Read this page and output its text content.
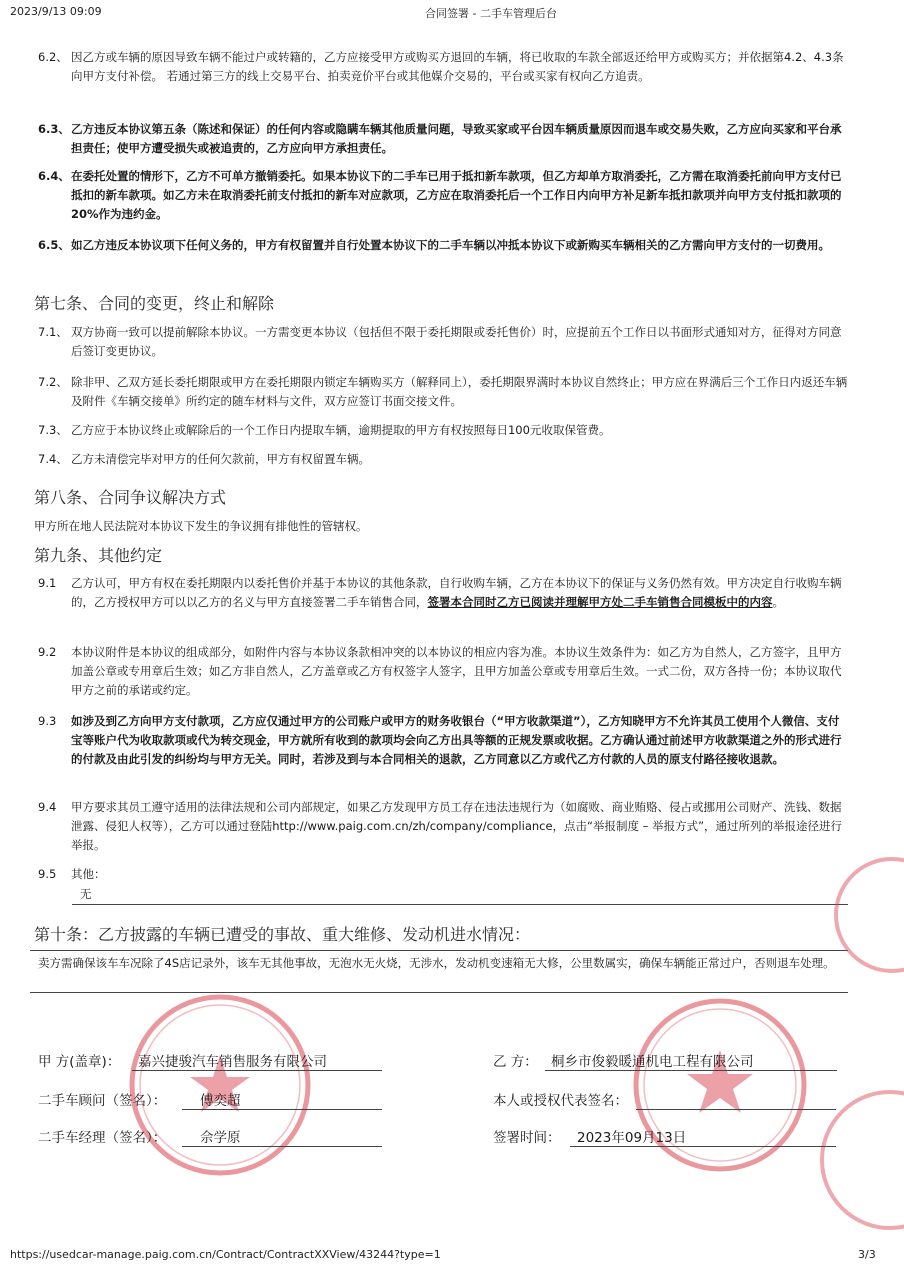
2023/9/13 09:09	合同签署 - 二手车管理后台
6.2、 因乙方或车辆的原因导致车辆不能过户或转籍的，乙方应接受甲方或购买方退回的车辆，将已收取的车款全部返还给甲方或购买方；并依据第4.2、4.3条向甲方支付补偿。 若通过第三方的线上交易平台、拍卖竞价平台或其他媒介交易的，平台或买家有权向乙方追责。
6.3、 乙方违反本协议第五条（陈述和保证）的任何内容或隐瞒车辆其他质量问题，导致买家或平台因车辆质量原因而退车或交易失败，乙方应向买家和平台承担责任；使甲方遭受损失或被追责的，乙方应向甲方承担责任。
6.4、 在委托处置的情形下，乙方不可单方撤销委托。如果本协议下的二手车已用于抵扣新车款项，但乙方却单方取消委托，乙方需在取消委托前向甲方支付已抵扣的新车款项。如乙方未在取消委托前支付抵扣的新车对应款项，乙方应在取消委托后一个工作日内向甲方补足新车抵扣款项并向甲方支付抵扣款项的20%作为违约金。
6.5、 如乙方违反本协议项下任何义务的，甲方有权留置并自行处置本协议下的二手车辆以冲抵本协议下或新购买车辆相关的乙方需向甲方支付的一切费用。
第七条、合同的变更，终止和解除
7.1、 双方协商一致可以提前解除本协议。一方需变更本协议（包括但不限于委托期限或委托售价）时，应提前五个工作日以书面形式通知对方，征得对方同意后签订变更协议。
7.2、 除非甲、乙双方延长委托期限或甲方在委托期限内锁定车辆购买方（解释同上），委托期限界满时本协议自然终止；甲方应在界满后三个工作日内返还车辆及附件《车辆交接单》所约定的随车材料与文件，双方应签订书面交接文件。
7.3、 乙方应于本协议终止或解除后的一个工作日内提取车辆，逾期提取的甲方有权按照每日100元收取保管费。
7.4、 乙方未清偿完毕对甲方的任何欠款前，甲方有权留置车辆。
第八条、合同争议解决方式
甲方所在地人民法院对本协议下发生的争议拥有排他性的管辖权。
第九条、其他约定
9.1 乙方认可，甲方有权在委托期限内以委托售价并基于本协议的其他条款，自行收购车辆，乙方在本协议下的保证与义务仍然有效。甲方决定自行收购车辆的，乙方授权甲方可以以乙方的名义与甲方直接签署二手车销售合同，签署本合同时乙方已阅读并理解甲方处二手车销售合同模板中的内容。
9.2 本协议附件是本协议的组成部分，如附件内容与本协议条款相冲突的以本协议的相应内容为准。本协议生效条件为：如乙方为自然人，乙方签字，且甲方加盖公章或专用章后生效；如乙方非自然人，乙方盖章或乙方有权签字人签字，且甲方加盖公章或专用章后生效。一式二份，双方各持一份；本协议取代甲方之前的承诺或约定。
9.3 如涉及到乙方向甲方支付款项，乙方应仅通过甲方的公司账户或甲方的财务收银台（“甲方收款渠道”），乙方知晓甲方不允许其员工使用个人微信、支付宝等账户代为收取款项或代为转交现金，甲方就所有收到的款项均会向乙方出具等额的正规发票或收据。乙方确认通过前述甲方收款渠道之外的形式进行的付款及由此引发的纠纷均与甲方无关。同时，若涉及到与本合同相关的退款，乙方同意以乙方或代乙方付款的人员的原支付路径接收退款。
9.4 甲方要求其员工遵守适用的法律法规和公司内部规定，如果乙方发现甲方员工存在违法违规行为（如腐败、商业贿赂、侵占或挪用公司财产、洗钱、数据泄露、侵犯人权等），乙方可以通过登陆http://www.paig.com.cn/zh/company/compliance，点击“举报制度 – 举报方式”，通过所列的举报途径进行举报。
9.5 其他：
无
第十条：乙方披露的车辆已遭受的事故、重大维修、发动机进水情况：
卖方需确保该车车况除了4S店记录外，该车无其他事故，无泡水无火烧，无涉水，发动机变速箱无大修，公里数属实，确保车辆能正常过户，否则退车处理。
甲 方(盖章)： 嘉兴捷骏汽车销售服务有限公司
二手车顾问（签名）：	傅奕超
二手车经理（签名）：	佘学原
乙 方： 桐乡市俊毅暖通机电工程有限公司
本人或授权代表签名：
签署时间： 2023年09月13日
https://usedcar-manage.paig.com.cn/Contract/ContractXXView/43244?type=1	3/3
